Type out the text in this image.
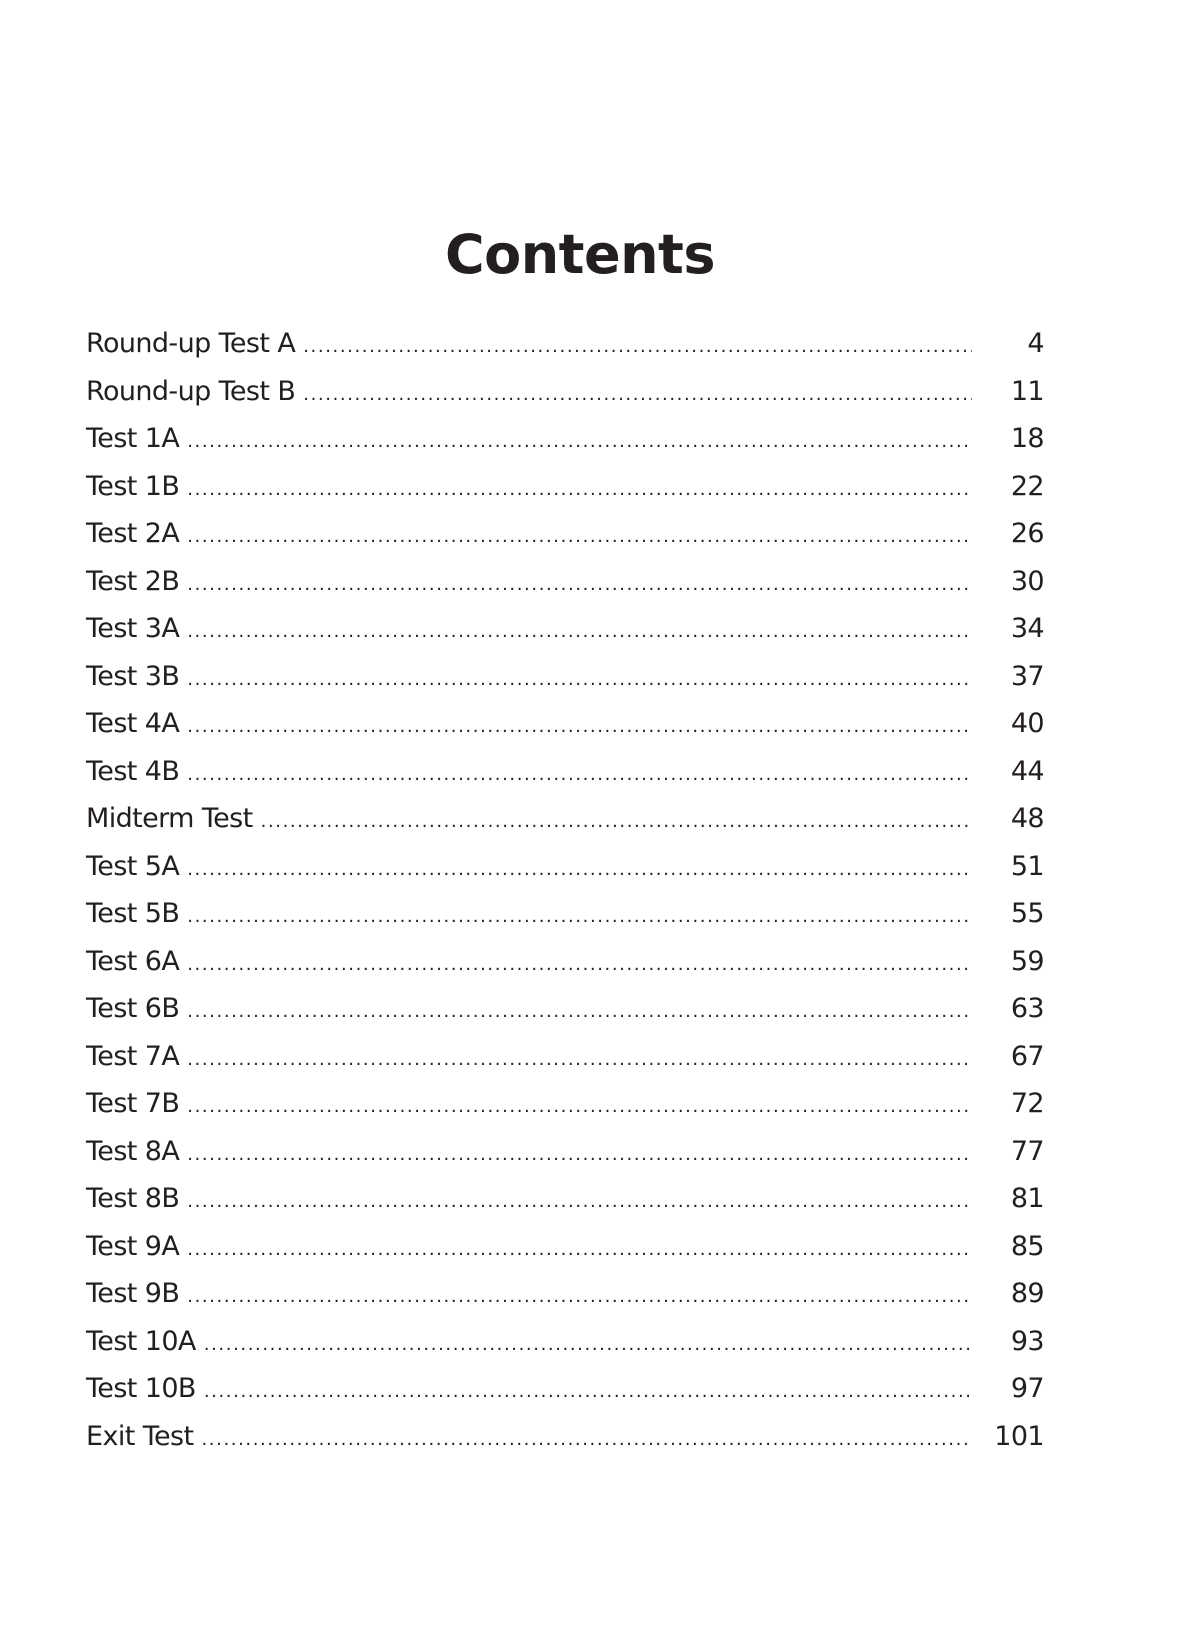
Contents
Round-up Test A .....	4
Round-up Test B .....	11
Test 1A .....	18
Test 1B .....	22
Test 2A .....	26
Test 2B .....	30
Test 3A .....	34
Test 3B .....	37
Test 4A .....	40
Test 4B .....	44
Midterm Test .....	48
Test 5A .....	51
Test 5B .....	55
Test 6A .....	59
Test 6B .....	63
Test 7A .....	67
Test 7B .....	72
Test 8A .....	77
Test 8B .....	81
Test 9A .....	85
Test 9B .....	89
Test 10A .....	93
Test 10B .....	97
Exit Test .....	101
